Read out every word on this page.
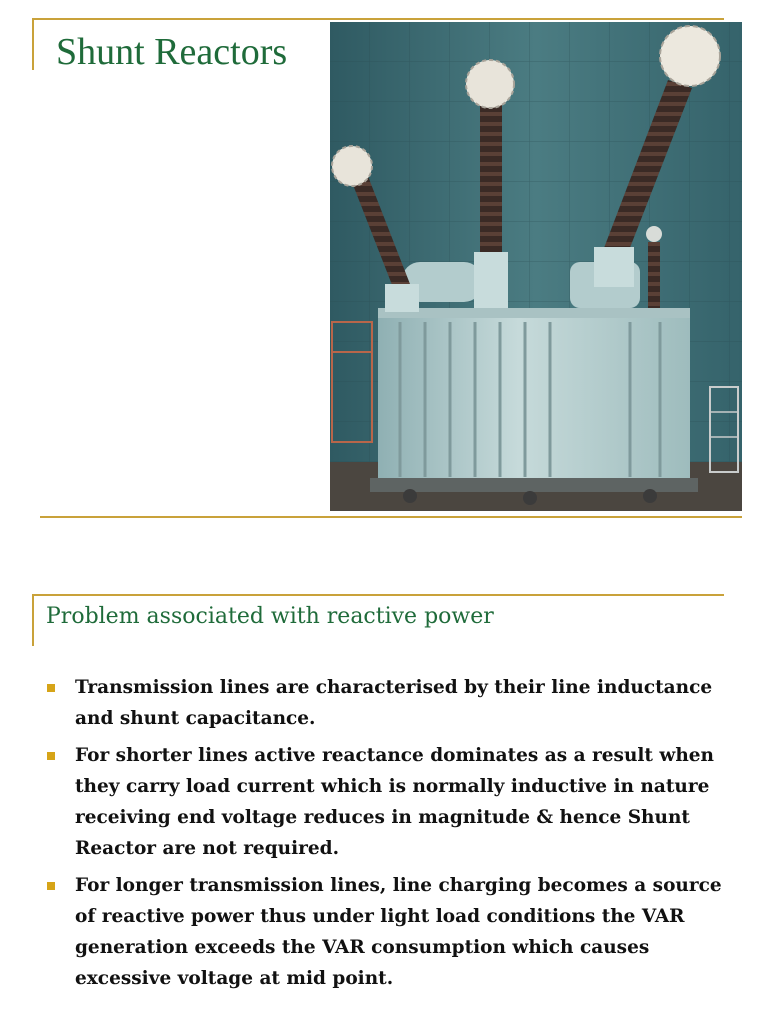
Shunt Reactors
Problem associated with reactive power
Transmission lines are characterised by their line inductance and shunt capacitance.
For shorter lines active reactance dominates as a result when they carry load current which is normally inductive in nature receiving end voltage reduces in magnitude & hence Shunt Reactor are not required.
For longer transmission lines, line charging becomes a source of reactive power thus under light load conditions the VAR generation exceeds the VAR consumption which causes excessive voltage at mid point.
